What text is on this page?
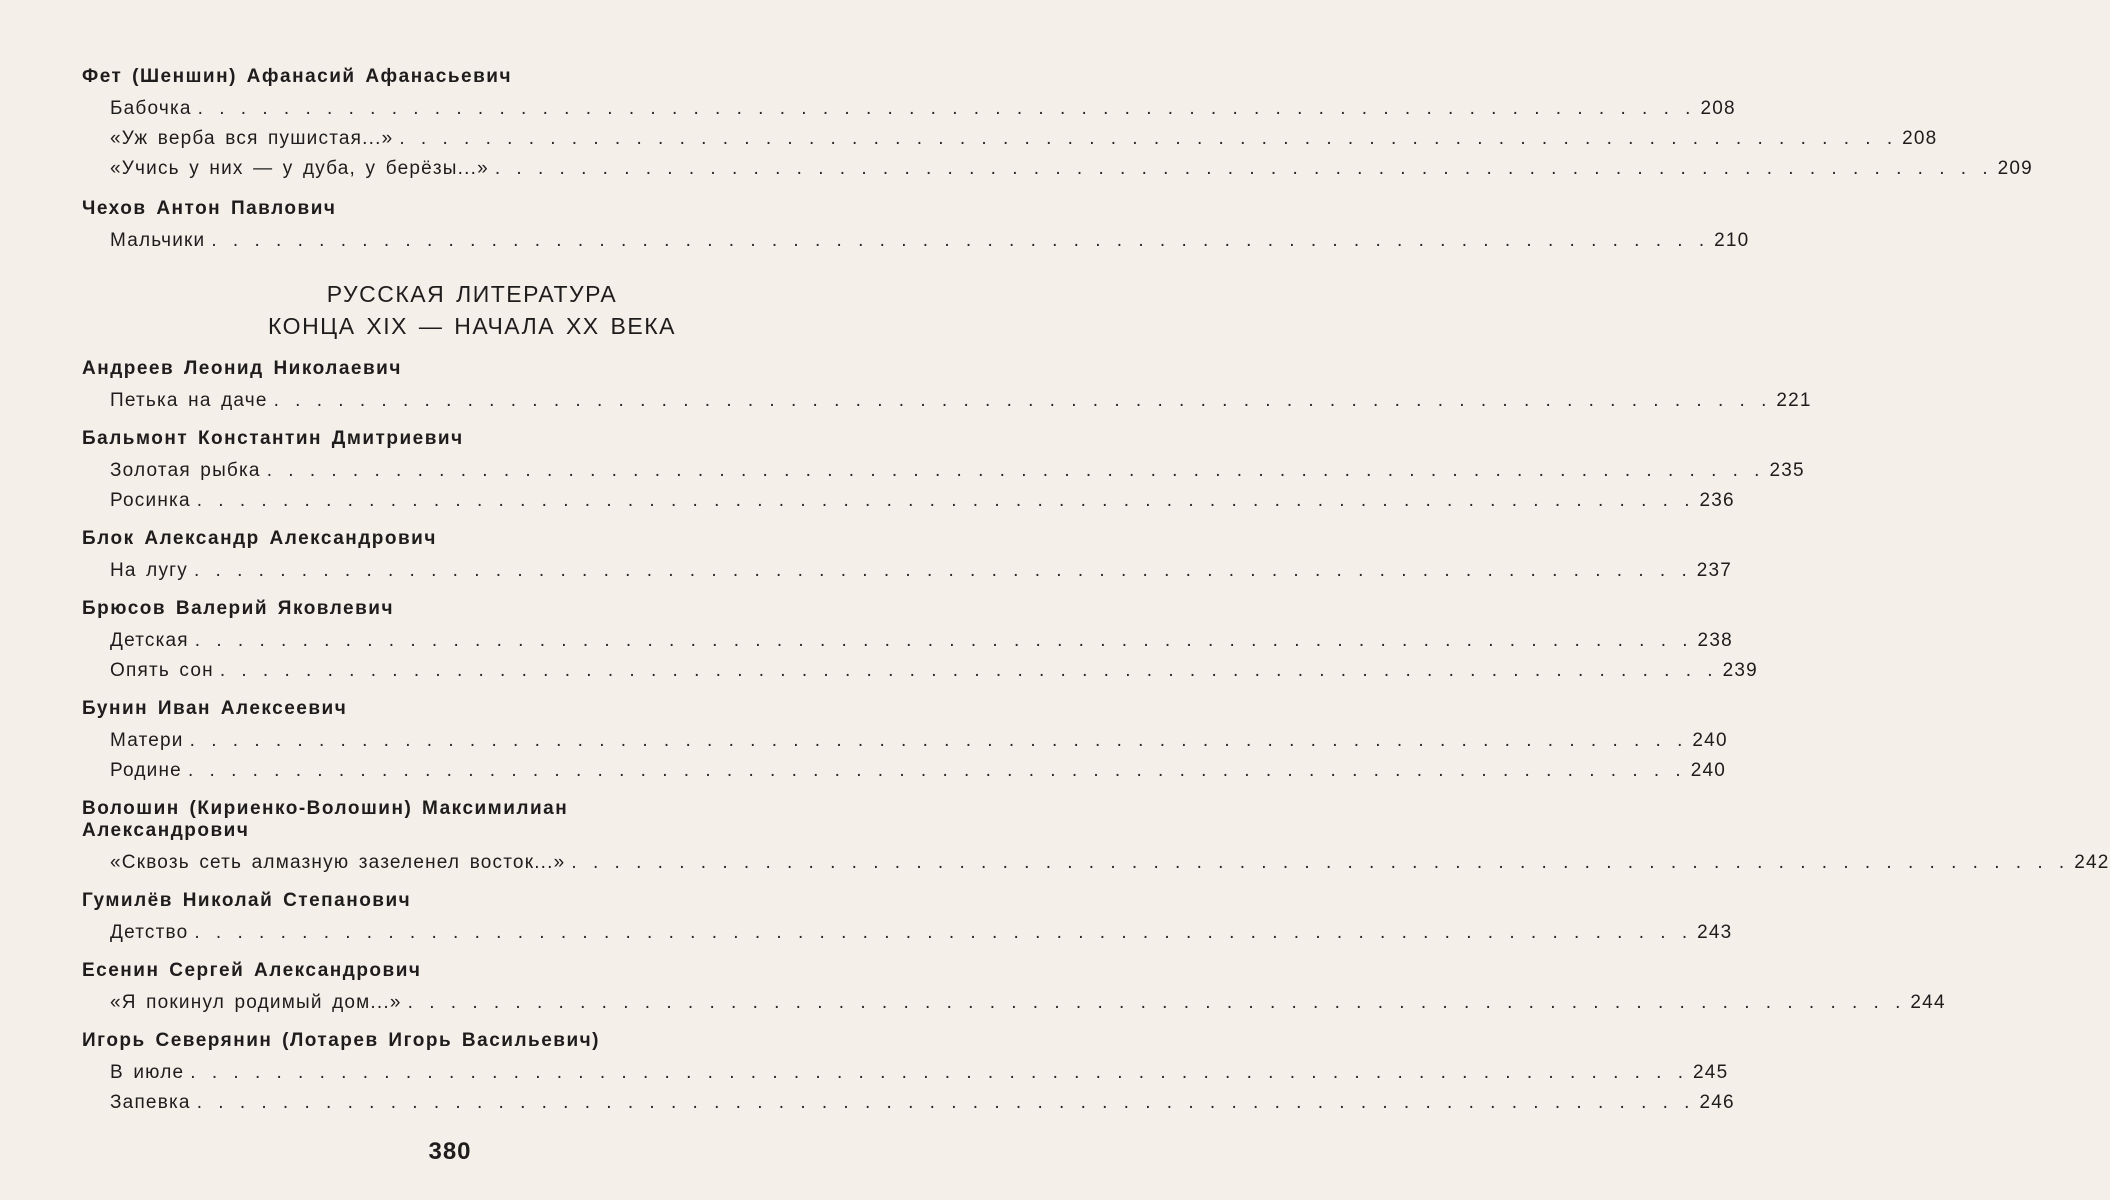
Фет (Шеншин) Афанасий Афанасьевич
Бабочка . . . . . . . . . . . . . . . . . . . . . . . . . . . . . . . . . . . . . . . . . . . . . . . . . . . . . . . . . . . . . . . . . . . . . . 208
«Уж верба вся пушистая...» . . . . . . . . . . . . . . . . . . . . . . . . . . . . . . . . . . . . . . . . . . . . . . . . . . . . . . . . . . . . . . . . . . . . . . 208
«Учись у них — у дуба, у берёзы...» . . . . . . . . . . . . . . . . . . . . . . . . . . . . . . . . . . . . . . . . . . . . . . . . . . . . . . . . . . . . . . . . . . . . . . 209
Чехов Антон Павлович
Мальчики . . . . . . . . . . . . . . . . . . . . . . . . . . . . . . . . . . . . . . . . . . . . . . . . . . . . . . . . . . . . . . . . . . . . . . 210
РУССКАЯ ЛИТЕРАТУРА
КОНЦА XIX — НАЧАЛА XX ВЕКА
Андреев Леонид Николаевич
Петька на даче . . . . . . . . . . . . . . . . . . . . . . . . . . . . . . . . . . . . . . . . . . . . . . . . . . . . . . . . . . . . . . . . . . . . . . 221
Бальмонт Константин Дмитриевич
Золотая рыбка . . . . . . . . . . . . . . . . . . . . . . . . . . . . . . . . . . . . . . . . . . . . . . . . . . . . . . . . . . . . . . . . . . . . . . 235
Росинка . . . . . . . . . . . . . . . . . . . . . . . . . . . . . . . . . . . . . . . . . . . . . . . . . . . . . . . . . . . . . . . . . . . . . . 236
Блок Александр Александрович
На лугу . . . . . . . . . . . . . . . . . . . . . . . . . . . . . . . . . . . . . . . . . . . . . . . . . . . . . . . . . . . . . . . . . . . . . . 237
Брюсов Валерий Яковлевич
Детская . . . . . . . . . . . . . . . . . . . . . . . . . . . . . . . . . . . . . . . . . . . . . . . . . . . . . . . . . . . . . . . . . . . . . . 238
Опять сон . . . . . . . . . . . . . . . . . . . . . . . . . . . . . . . . . . . . . . . . . . . . . . . . . . . . . . . . . . . . . . . . . . . . . . 239
Бунин Иван Алексеевич
Матери . . . . . . . . . . . . . . . . . . . . . . . . . . . . . . . . . . . . . . . . . . . . . . . . . . . . . . . . . . . . . . . . . . . . . . 240
Родине . . . . . . . . . . . . . . . . . . . . . . . . . . . . . . . . . . . . . . . . . . . . . . . . . . . . . . . . . . . . . . . . . . . . . . 240
Волошин (Кириенко-Волошин) Максимилиан
Александрович
«Сквозь сеть алмазную зазеленел восток...» . . . . . . . . . . . . . . . . . . . . . . . . . . . . . . . . . . . . . . . . . . . . . . . . . . . . . . . . . . . . . . . . . . . . . . 242
Гумилёв Николай Степанович
Детство . . . . . . . . . . . . . . . . . . . . . . . . . . . . . . . . . . . . . . . . . . . . . . . . . . . . . . . . . . . . . . . . . . . . . . 243
Есенин Сергей Александрович
«Я покинул родимый дом...» . . . . . . . . . . . . . . . . . . . . . . . . . . . . . . . . . . . . . . . . . . . . . . . . . . . . . . . . . . . . . . . . . . . . . . 244
Игорь Северянин (Лотарев Игорь Васильевич)
В июле . . . . . . . . . . . . . . . . . . . . . . . . . . . . . . . . . . . . . . . . . . . . . . . . . . . . . . . . . . . . . . . . . . . . . . 245
Запевка . . . . . . . . . . . . . . . . . . . . . . . . . . . . . . . . . . . . . . . . . . . . . . . . . . . . . . . . . . . . . . . . . . . . . . 246
380
